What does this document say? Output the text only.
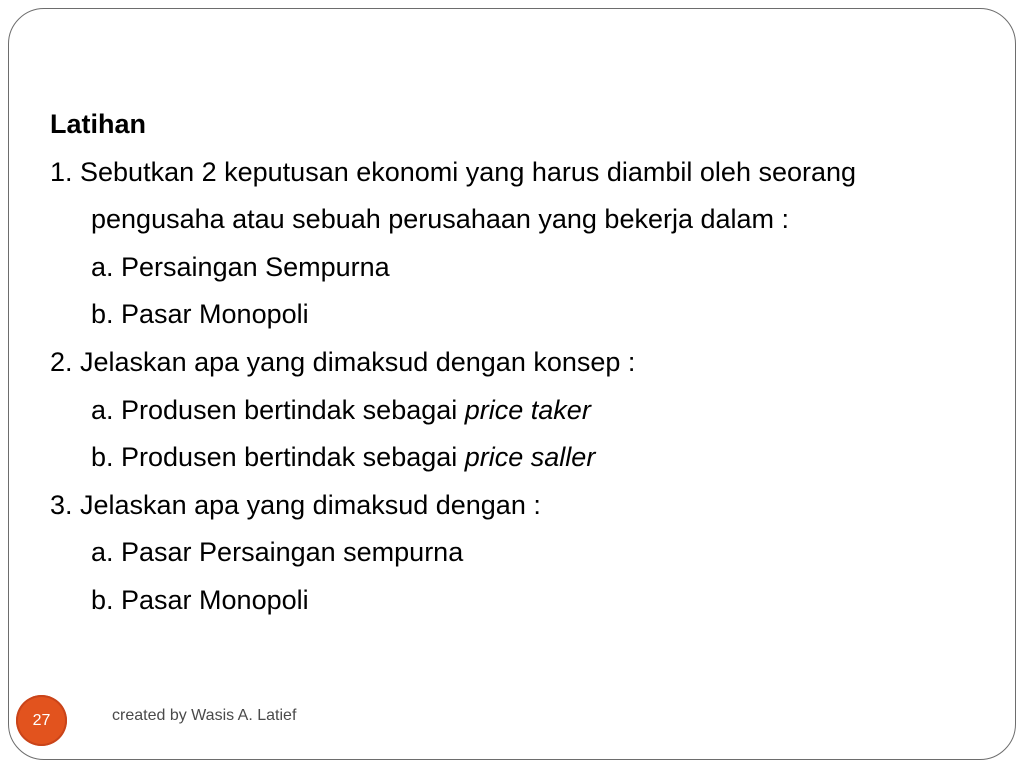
Latihan
1. Sebutkan 2 keputusan ekonomi yang harus diambil oleh seorang
pengusaha atau sebuah perusahaan yang bekerja dalam :
a. Persaingan Sempurna
b. Pasar Monopoli
2. Jelaskan apa yang dimaksud dengan konsep :
a. Produsen bertindak sebagai price taker
b. Produsen bertindak sebagai price saller
3. Jelaskan apa yang dimaksud dengan :
a. Pasar Persaingan sempurna
b. Pasar Monopoli
27	created by Wasis A. Latief
